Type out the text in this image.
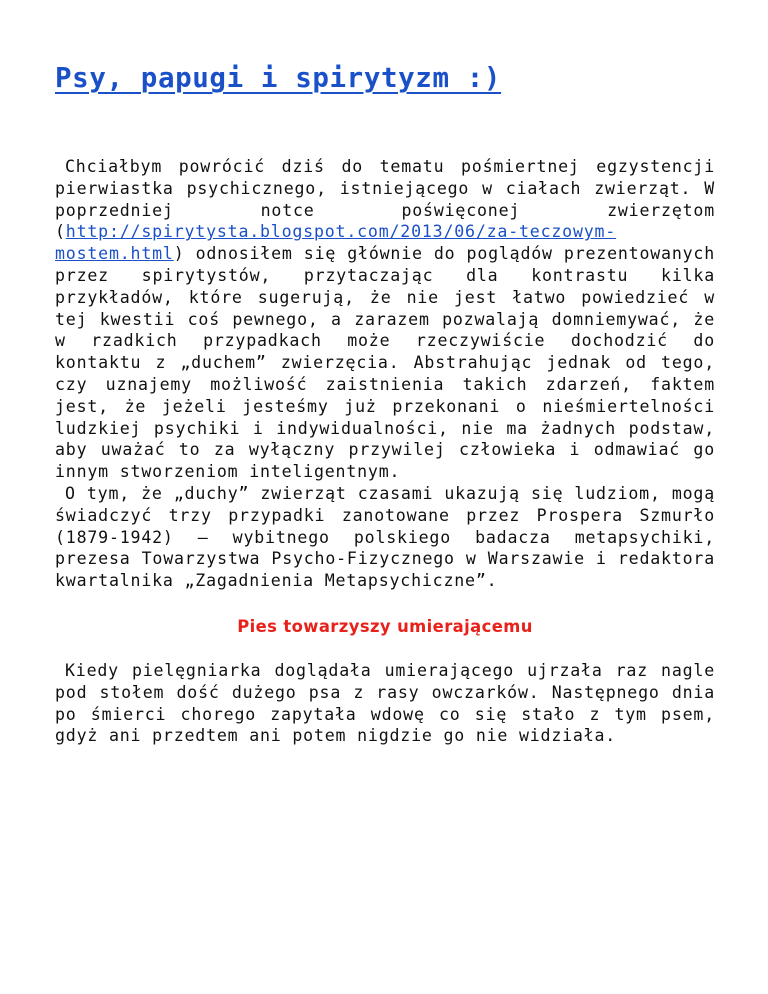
Psy, papugi i spirytyzm :)

Chciałbym powrócić dziś do tematu pośmiertnej egzystencji pierwiastka psychicznego, istniejącego w ciałach zwierząt. W poprzedniej notce poświęconej zwierzętom (http://spirytysta.blogspot.com/2013/06/za-teczowym-mostem.html) odnosiłem się głównie do poglądów prezentowanych przez spirytystów, przytaczając dla kontrastu kilka przykładów, które sugerują, że nie jest łatwo powiedzieć w tej kwestii coś pewnego, a zarazem pozwalają domniemywać, że w rzadkich przypadkach może rzeczywiście dochodzić do kontaktu z „duchem” zwierzęcia. Abstrahując jednak od tego, czy uznajemy możliwość zaistnienia takich zdarzeń, faktem jest, że jeżeli jesteśmy już przekonani o nieśmiertelności ludzkiej psychiki i indywidualności, nie ma żadnych podstaw, aby uważać to za wyłączny przywilej człowieka i odmawiać go innym stworzeniom inteligentnym.

O tym, że „duchy” zwierząt czasami ukazują się ludziom, mogą świadczyć trzy przypadki zanotowane przez Prospera Szmurło (1879-1942) – wybitnego polskiego badacza metapsychiki, prezesa Towarzystwa Psycho-Fizycznego w Warszawie i redaktora kwartalnika „Zagadnienia Metapsychiczne”.

Pies towarzyszy umierającemu

Kiedy pielęgniarka doglądała umierającego ujrzała raz nagle pod stołem dość dużego psa z rasy owczarków. Następnego dnia po śmierci chorego zapytała wdowę co się stało z tym psem, gdyż ani przedtem ani potem nigdzie go nie widziała.
